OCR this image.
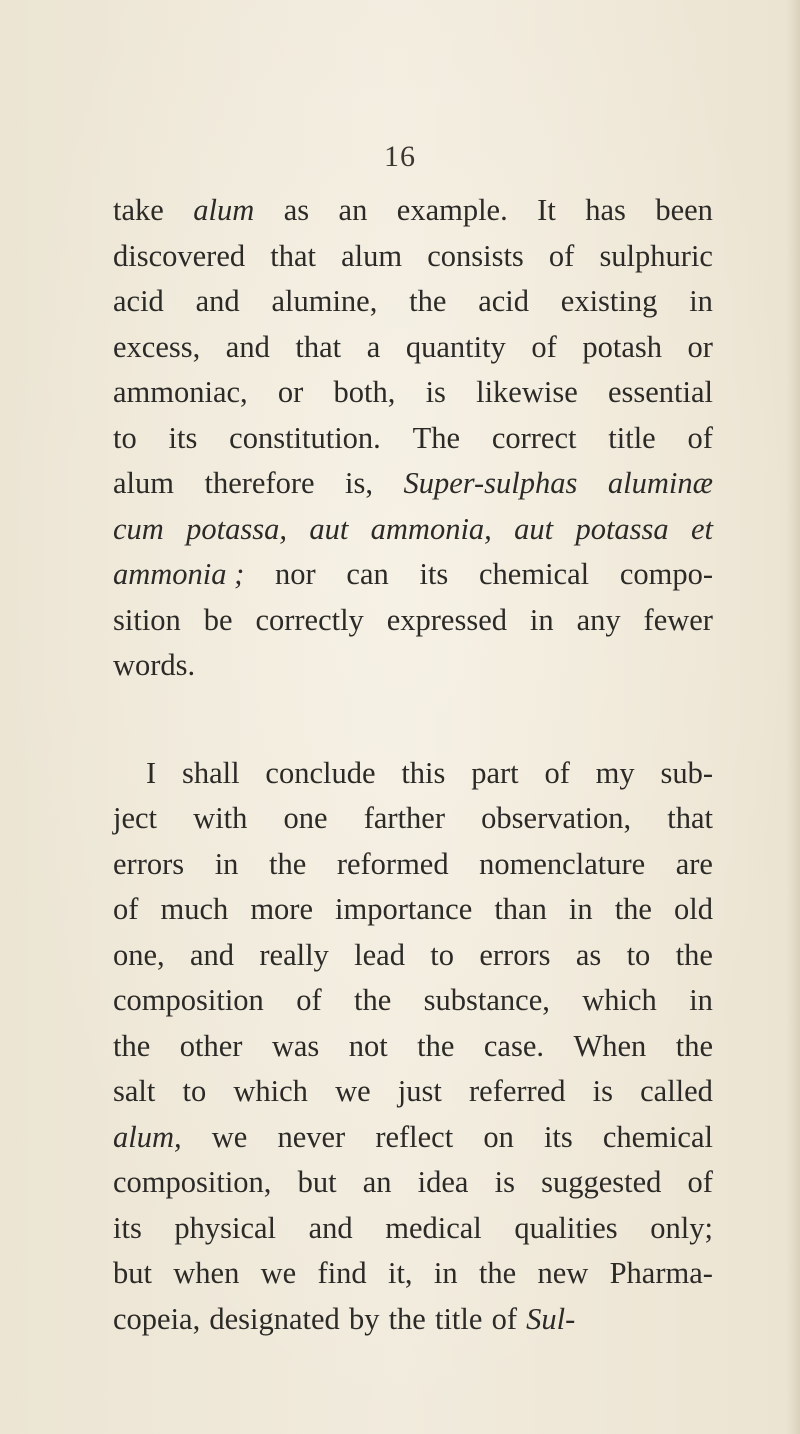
16
take alum as an example. It has been
discovered that alum consists of sulphuric
acid and alumine, the acid existing in
excess, and that a quantity of potash or
ammoniac, or both, is likewise essential
to its constitution. The correct title of
alum therefore is, Super-sulphas aluminæ
cum potassa, aut ammonia, aut potassa et
ammonia ; nor can its chemical compo-
sition be correctly expressed in any fewer
words.
I shall conclude this part of my sub-
ject with one farther observation, that
errors in the reformed nomenclature are
of much more importance than in the old
one, and really lead to errors as to the
composition of the substance, which in
the other was not the case. When the
salt to which we just referred is called
alum, we never reflect on its chemical
composition, but an idea is suggested of
its physical and medical qualities only;
but when we find it, in the new Pharma-
copeia, designated by the title of Sul-
